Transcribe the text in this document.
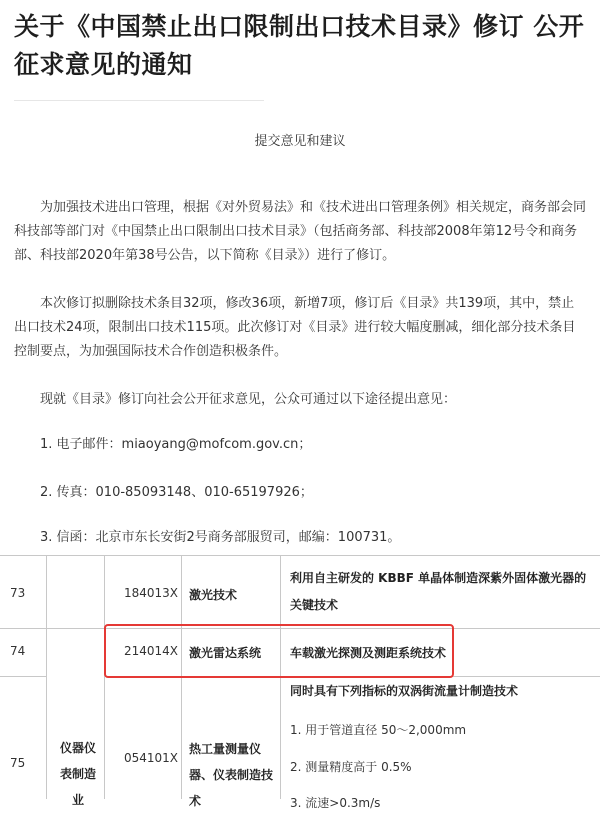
关于《中国禁止出口限制出口技术目录》修订 公开征求意见的通知
提交意见和建议

为加强技术进出口管理，根据《对外贸易法》和《技术进出口管理条例》相关规定，商务部会同科技部等部门对《中国禁止出口限制出口技术目录》（包括商务部、科技部2008年第12号令和商务部、科技部2020年第38号公告，以下简称《目录》）进行了修订。

本次修订拟删除技术条目32项，修改36项，新增7项，修订后《目录》共139项，其中，禁止出口技术24项，限制出口技术115项。此次修订对《目录》进行较大幅度删减，细化部分技术条目控制要点，为加强国际技术合作创造积极条件。

现就《目录》修订向社会公开征求意见，公众可通过以下途径提出意见：

1. 电子邮件：miaoyang@mofcom.gov.cn；

2. 传真：010-85093148、010-65197926；

3. 信函：北京市东长安街2号商务部服贸司，邮编：100731。

73	184013X 激光技术
利用自主研发的 KBBF 单晶体制造深紫外固体激光器的关键技术
74	214014X 激光雷达系统 车载激光探测及测距系统技术
75
仪器仪表制造业
054101X
热工量测量仪器、仪表制造技术
同时具有下列指标的双涡街流量计制造技术
1. 用于管道直径 50～2,000mm
2. 测量精度高于 0.5%
3. 流速>0.3m/s
